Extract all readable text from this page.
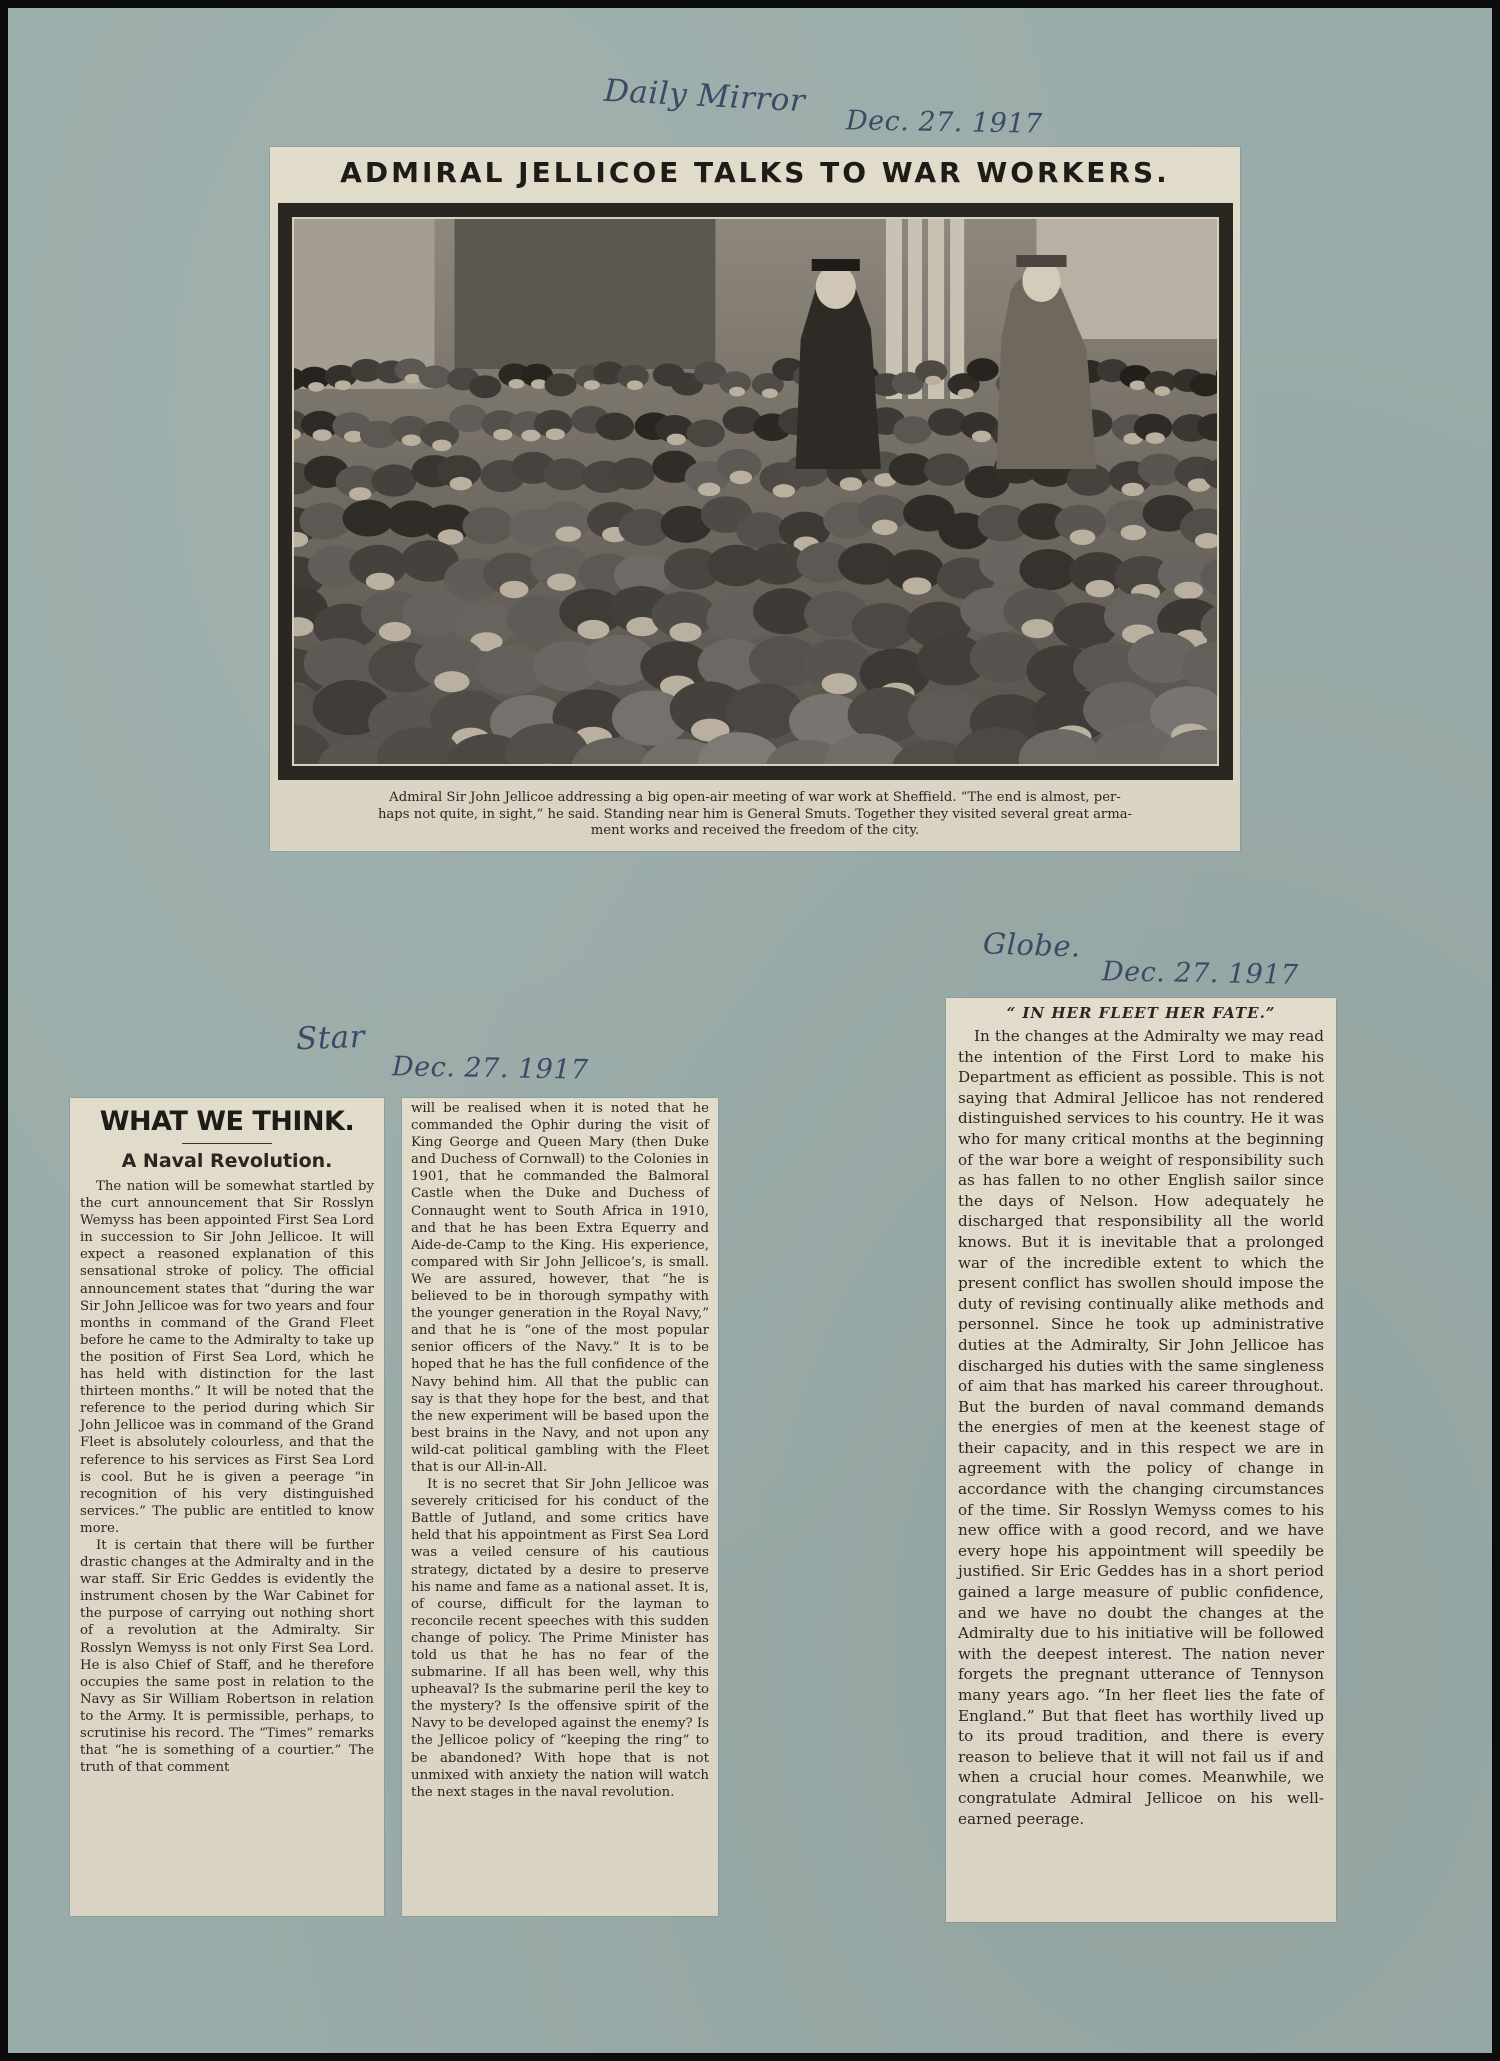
Daily Mirror
Dec. 27. 1917
ADMIRAL JELLICOE TALKS TO WAR WORKERS.
Admiral Sir John Jellicoe addressing a big open-air meeting of war work at Sheffield. “The end is almost, per-
haps not quite, in sight,” he said. Standing near him is General Smuts. Together they visited several great arma-
ment works and received the freedom of the city.
Globe.
Dec. 27. 1917
Star
Dec. 27. 1917
WHAT WE THINK.
A Naval Revolution.

The nation will be somewhat startled by the curt announcement that Sir Rosslyn Wemyss has been appointed First Sea Lord in succession to Sir John Jellicoe. It will expect a reasoned explanation of this sensational stroke of policy. The official announcement states that “during the war Sir John Jellicoe was for two years and four months in command of the Grand Fleet before he came to the Admiralty to take up the position of First Sea Lord, which he has held with distinction for the last thirteen months.” It will be noted that the reference to the period during which Sir John Jellicoe was in command of the Grand Fleet is absolutely colourless, and that the reference to his services as First Sea Lord is cool. But he is given a peerage “in recognition of his very distinguished services.” The public are entitled to know more.

It is certain that there will be further drastic changes at the Admiralty and in the war staff. Sir Eric Geddes is evidently the instrument chosen by the War Cabinet for the purpose of carrying out nothing short of a revolution at the Admiralty. Sir Rosslyn Wemyss is not only First Sea Lord. He is also Chief of Staff, and he therefore occupies the same post in relation to the Navy as Sir William Robertson in relation to the Army. It is permissible, perhaps, to scrutinise his record. The “Times” remarks that “he is something of a courtier.” The truth of that comment

will be realised when it is noted that he commanded the Ophir during the visit of King George and Queen Mary (then Duke and Duchess of Cornwall) to the Colonies in 1901, that he commanded the Balmoral Castle when the Duke and Duchess of Connaught went to South Africa in 1910, and that he has been Extra Equerry and Aide-de-Camp to the King. His experience, compared with Sir John Jellicoe’s, is small. We are assured, however, that “he is believed to be in thorough sympathy with the younger generation in the Royal Navy,” and that he is “one of the most popular senior officers of the Navy.” It is to be hoped that he has the full confidence of the Navy behind him. All that the public can say is that they hope for the best, and that the new experiment will be based upon the best brains in the Navy, and not upon any wild-cat political gambling with the Fleet that is our All-in-All.

It is no secret that Sir John Jellicoe was severely criticised for his conduct of the Battle of Jutland, and some critics have held that his appointment as First Sea Lord was a veiled censure of his cautious strategy, dictated by a desire to preserve his name and fame as a national asset. It is, of course, difficult for the layman to reconcile recent speeches with this sudden change of policy. The Prime Minister has told us that he has no fear of the submarine. If all has been well, why this upheaval? Is the submarine peril the key to the mystery? Is the offensive spirit of the Navy to be developed against the enemy? Is the Jellicoe policy of “keeping the ring” to be abandoned? With hope that is not unmixed with anxiety the nation will watch the next stages in the naval revolution.

“ IN HER FLEET HER FATE.”

In the changes at the Admiralty we may read the intention of the First Lord to make his Department as efficient as possible. This is not saying that Admiral Jellicoe has not rendered distinguished services to his country. He it was who for many critical months at the beginning of the war bore a weight of responsibility such as has fallen to no other English sailor since the days of Nelson. How adequately he discharged that responsibility all the world knows. But it is inevitable that a prolonged war of the incredible extent to which the present conflict has swollen should impose the duty of revising continually alike methods and personnel. Since he took up administrative duties at the Admiralty, Sir John Jellicoe has discharged his duties with the same singleness of aim that has marked his career throughout. But the burden of naval command demands the energies of men at the keenest stage of their capacity, and in this respect we are in agreement with the policy of change in accordance with the changing circumstances of the time. Sir Rosslyn Wemyss comes to his new office with a good record, and we have every hope his appointment will speedily be justified. Sir Eric Geddes has in a short period gained a large measure of public confidence, and we have no doubt the changes at the Admiralty due to his initiative will be followed with the deepest interest. The nation never forgets the pregnant utterance of Tennyson many years ago. “In her fleet lies the fate of England.” But that fleet has worthily lived up to its proud tradition, and there is every reason to believe that it will not fail us if and when a crucial hour comes. Meanwhile, we congratulate Admiral Jellicoe on his well-earned peerage.
